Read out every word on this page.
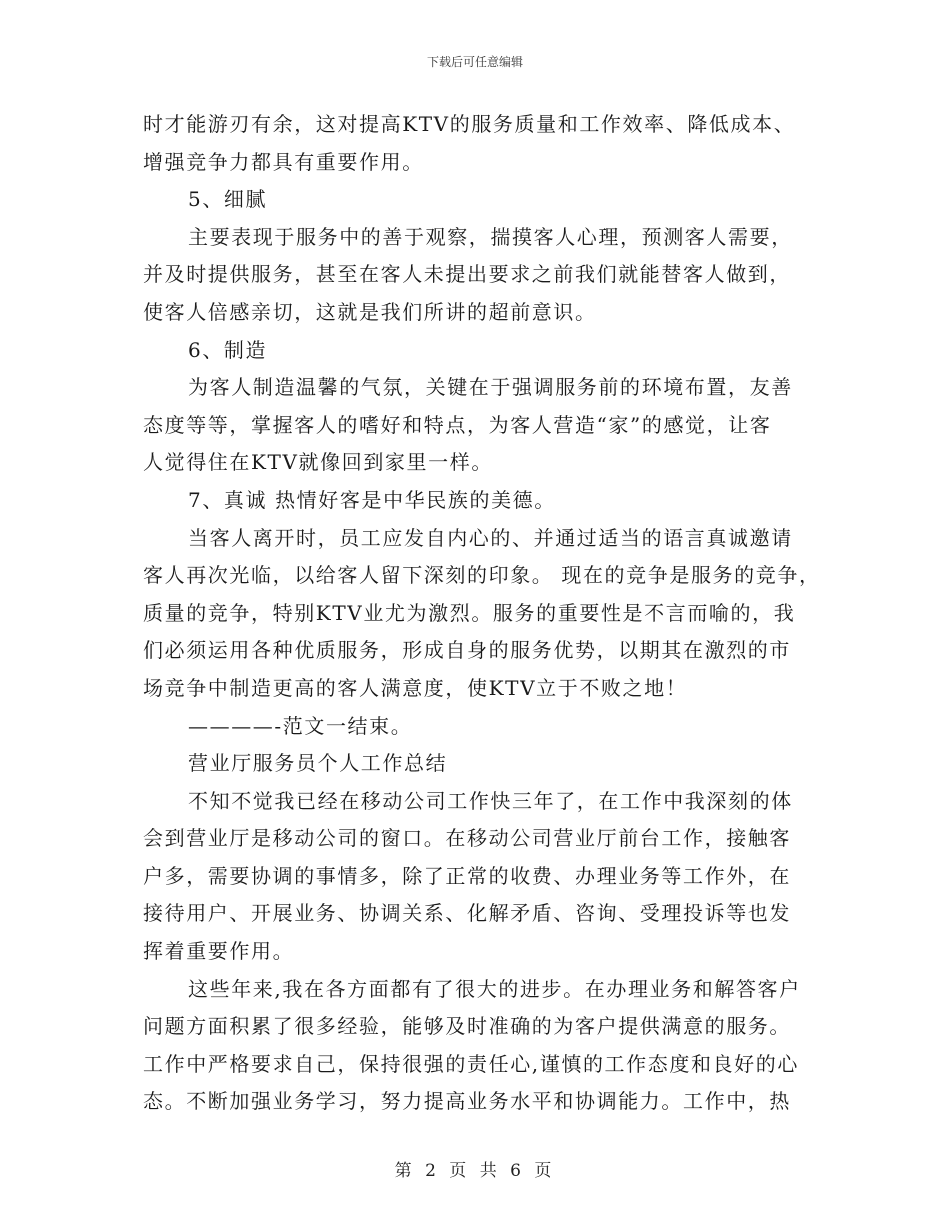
下载后可任意编辑
时才能游刃有余，这对提高KTV的服务质量和工作效率、降低成本、
增强竞争力都具有重要作用。
5、细腻
主要表现于服务中的善于观察，揣摸客人心理，预测客人需要，
并及时提供服务，甚至在客人未提出要求之前我们就能替客人做到，
使客人倍感亲切，这就是我们所讲的超前意识。
6、制造
为客人制造温馨的气氛，关键在于强调服务前的环境布置，友善
态度等等，掌握客人的嗜好和特点，为客人营造“家”的感觉，让客
人觉得住在KTV就像回到家里一样。
7、真诚 热情好客是中华民族的美德。
当客人离开时，员工应发自内心的、并通过适当的语言真诚邀请
客人再次光临，以给客人留下深刻的印象。 现在的竞争是服务的竞争，
质量的竞争，特别KTV业尤为激烈。服务的重要性是不言而喻的，我
们必须运用各种优质服务，形成自身的服务优势，以期其在激烈的市
场竞争中制造更高的客人满意度，使KTV立于不败之地！
————-范文一结束。
营业厅服务员个人工作总结
不知不觉我已经在移动公司工作快三年了，在工作中我深刻的体
会到营业厅是移动公司的窗口。在移动公司营业厅前台工作，接触客
户多，需要协调的事情多，除了正常的收费、办理业务等工作外，在
接待用户、开展业务、协调关系、化解矛盾、咨询、受理投诉等也发
挥着重要作用。
这些年来,我在各方面都有了很大的进步。在办理业务和解答客户
问题方面积累了很多经验，能够及时准确的为客户提供满意的服务。
工作中严格要求自己，保持很强的责任心,谨慎的工作态度和良好的心
态。不断加强业务学习，努力提高业务水平和协调能力。工作中，热
第 2 页 共 6 页
